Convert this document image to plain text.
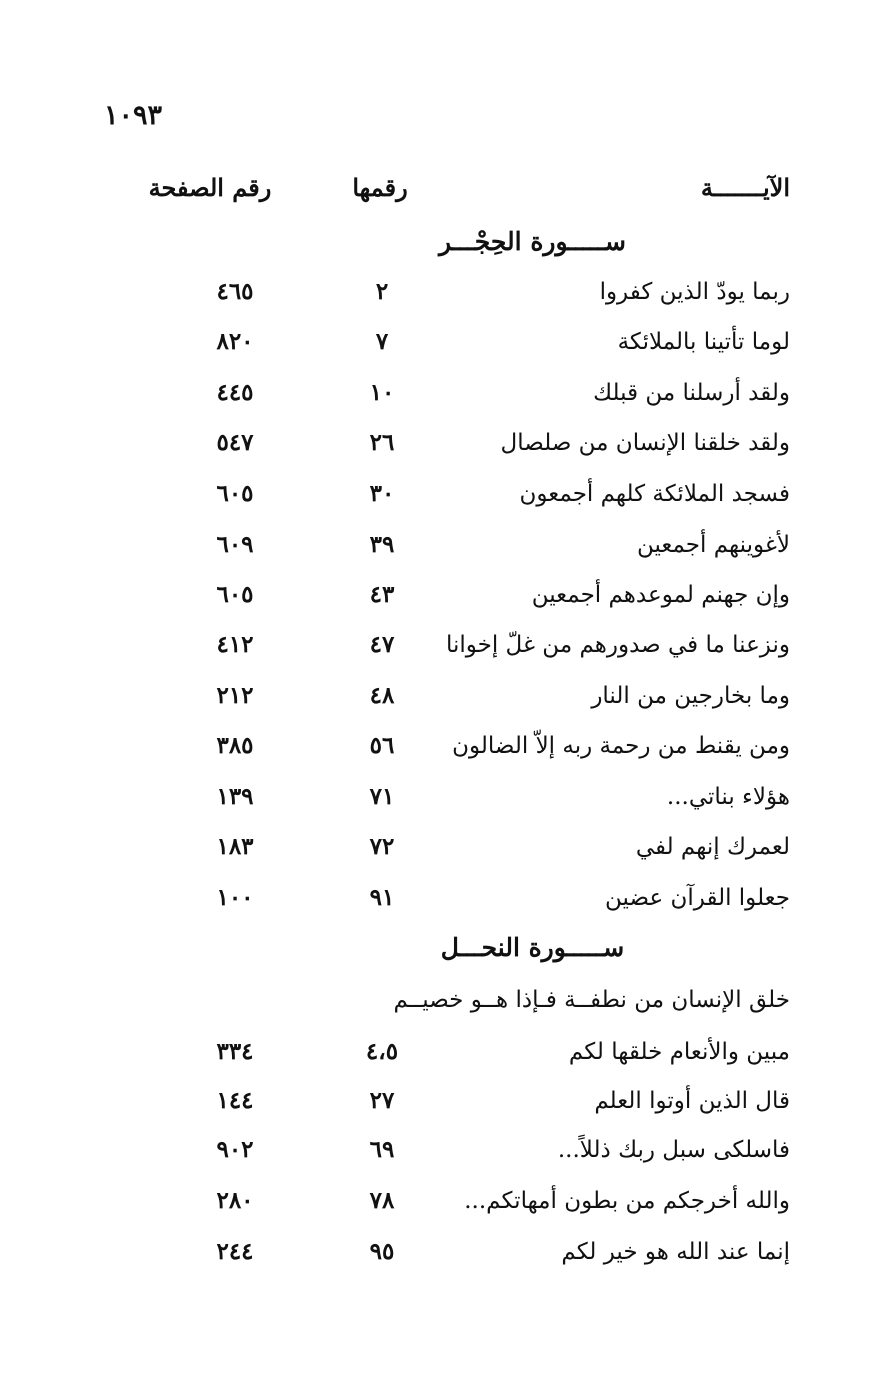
١٠٩٣
الآيـــــــة
رقمها
رقم الصفحة
ســـــورة الحِجْـــر
ربما يودّ الذين كفروا
٢
٤٦٥
لوما تأتينا بالملائكة
٧
٨٢٠
ولقد أرسلنا من قبلك
١٠
٤٤٥
ولقد خلقنا الإنسان من صلصال
٢٦
٥٤٧
فسجد الملائكة كلهم أجمعون
٣٠
٦٠٥
لأغوينهم أجمعين
٣٩
٦٠٩
وإن جهنم لموعدهم أجمعين
٤٣
٦٠٥
ونزعنا ما في صدورهم من غلّ إخوانا
٤٧
٤١٢
وما بخارجين من النار
٤٨
٢١٢
ومن يقنط من رحمة ربه إلاّ الضالون
٥٦
٣٨٥
هؤلاء بناتي...
٧١
١٣٩
لعمرك إنهم لفي
٧٢
١٨٣
جعلوا القرآن عضين
٩١
١٠٠
ســـــورة النحـــل
خلق الإنسان من نطفــة فـإذا هــو خصيــم
مبين والأنعام خلقها لكم
٤،٥
٣٣٤
قال الذين أوتوا العلم
٢٧
١٤٤
فاسلكى سبل ربك ذللاً...
٦٩
٩٠٢
والله أخرجكم من بطون أمهاتكم...
٧٨
٢٨٠
إنما عند الله هو خير لكم
٩٥
٢٤٤
